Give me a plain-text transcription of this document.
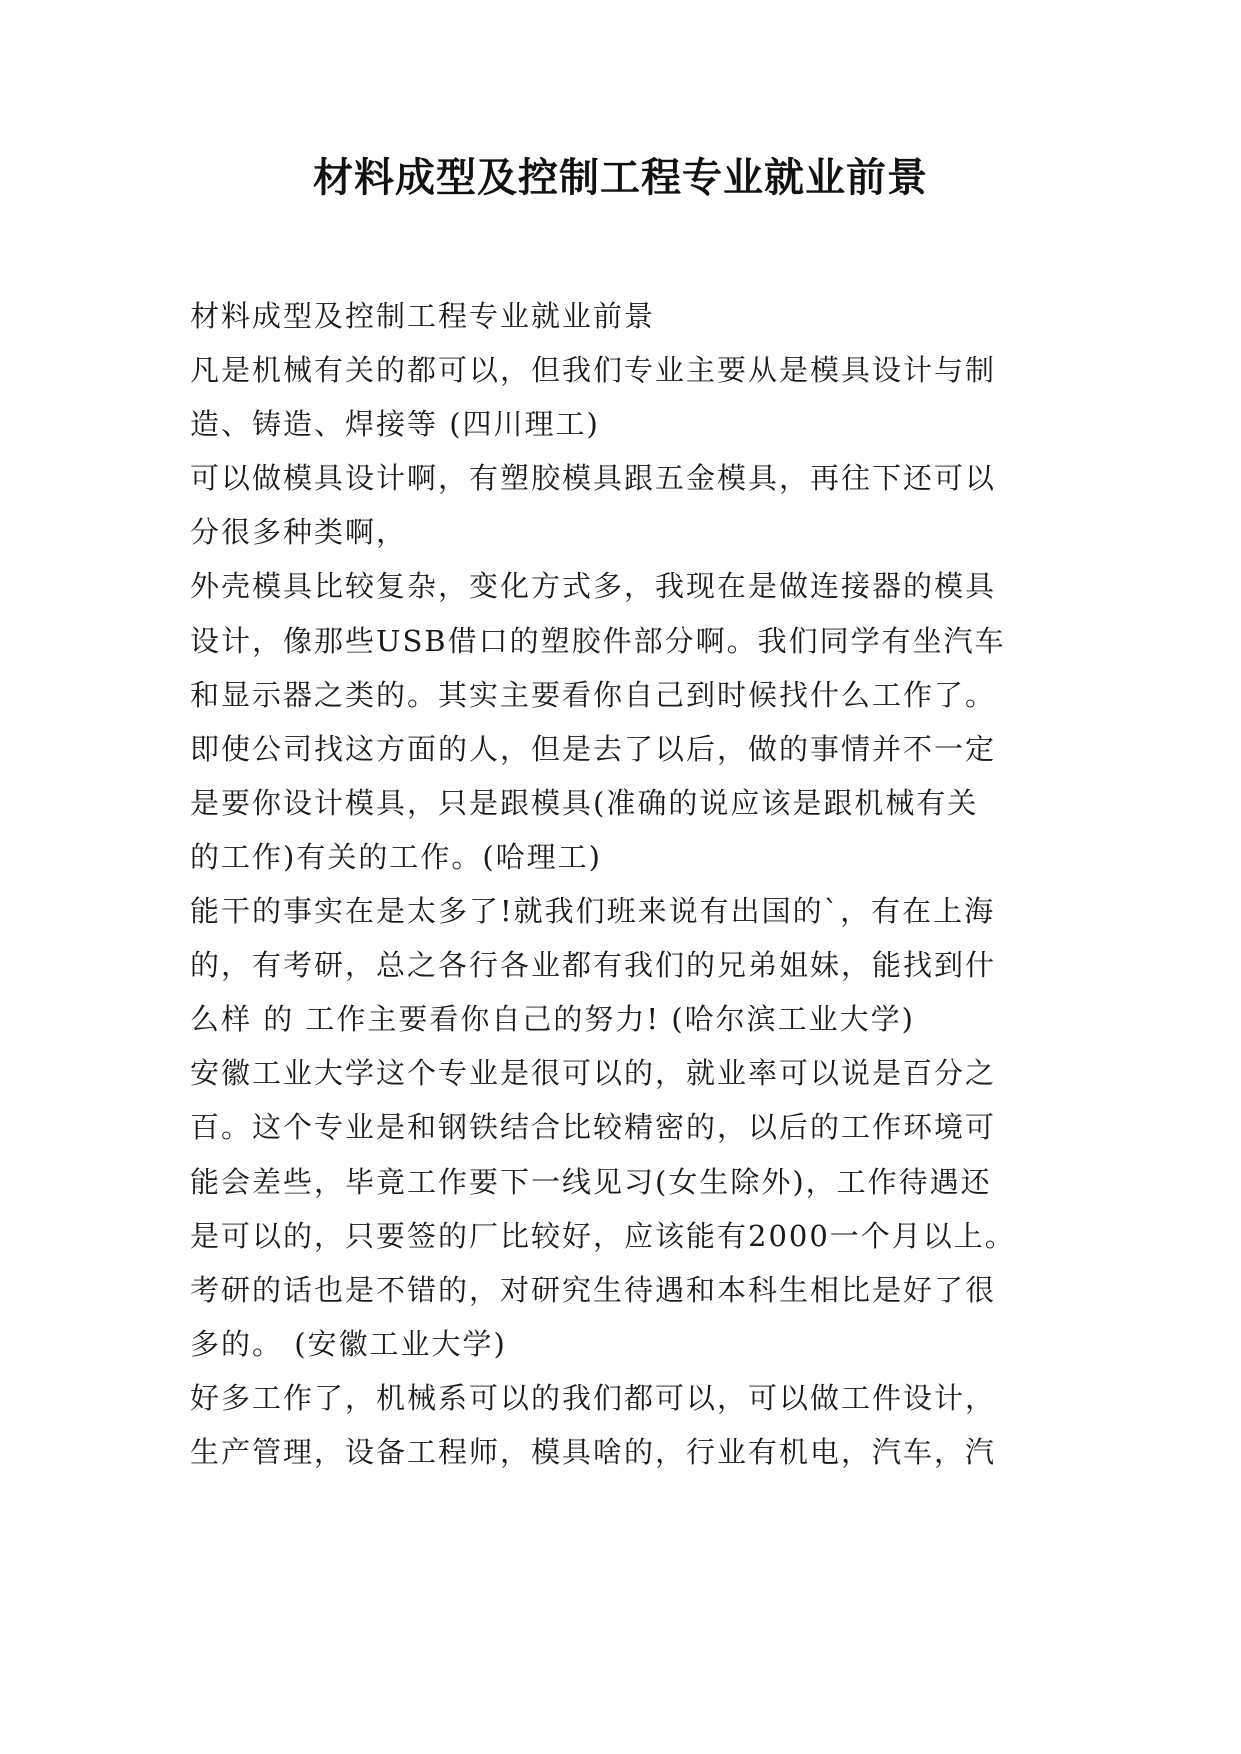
材料成型及控制工程专业就业前景
材料成型及控制工程专业就业前景
凡是机械有关的都可以，但我们专业主要从是模具设计与制
造、铸造、焊接等 (四川理工)
可以做模具设计啊，有塑胶模具跟五金模具，再往下还可以
分很多种类啊，
外壳模具比较复杂，变化方式多，我现在是做连接器的模具
设计，像那些USB借口的塑胶件部分啊。我们同学有坐汽车
和显示器之类的。其实主要看你自己到时候找什么工作了。
即使公司找这方面的人，但是去了以后，做的事情并不一定
是要你设计模具，只是跟模具(准确的说应该是跟机械有关
的工作)有关的工作。(哈理工)
能干的事实在是太多了!就我们班来说有出国的`，有在上海
的，有考研，总之各行各业都有我们的兄弟姐妹，能找到什
么样 的 工作主要看你自己的努力! (哈尔滨工业大学)
安徽工业大学这个专业是很可以的，就业率可以说是百分之
百。这个专业是和钢铁结合比较精密的，以后的工作环境可
能会差些，毕竟工作要下一线见习(女生除外)，工作待遇还
是可以的，只要签的厂比较好，应该能有2000一个月以上。
考研的话也是不错的，对研究生待遇和本科生相比是好了很
多的。 (安徽工业大学)
好多工作了，机械系可以的我们都可以，可以做工件设计，
生产管理，设备工程师，模具啥的，行业有机电，汽车，汽
